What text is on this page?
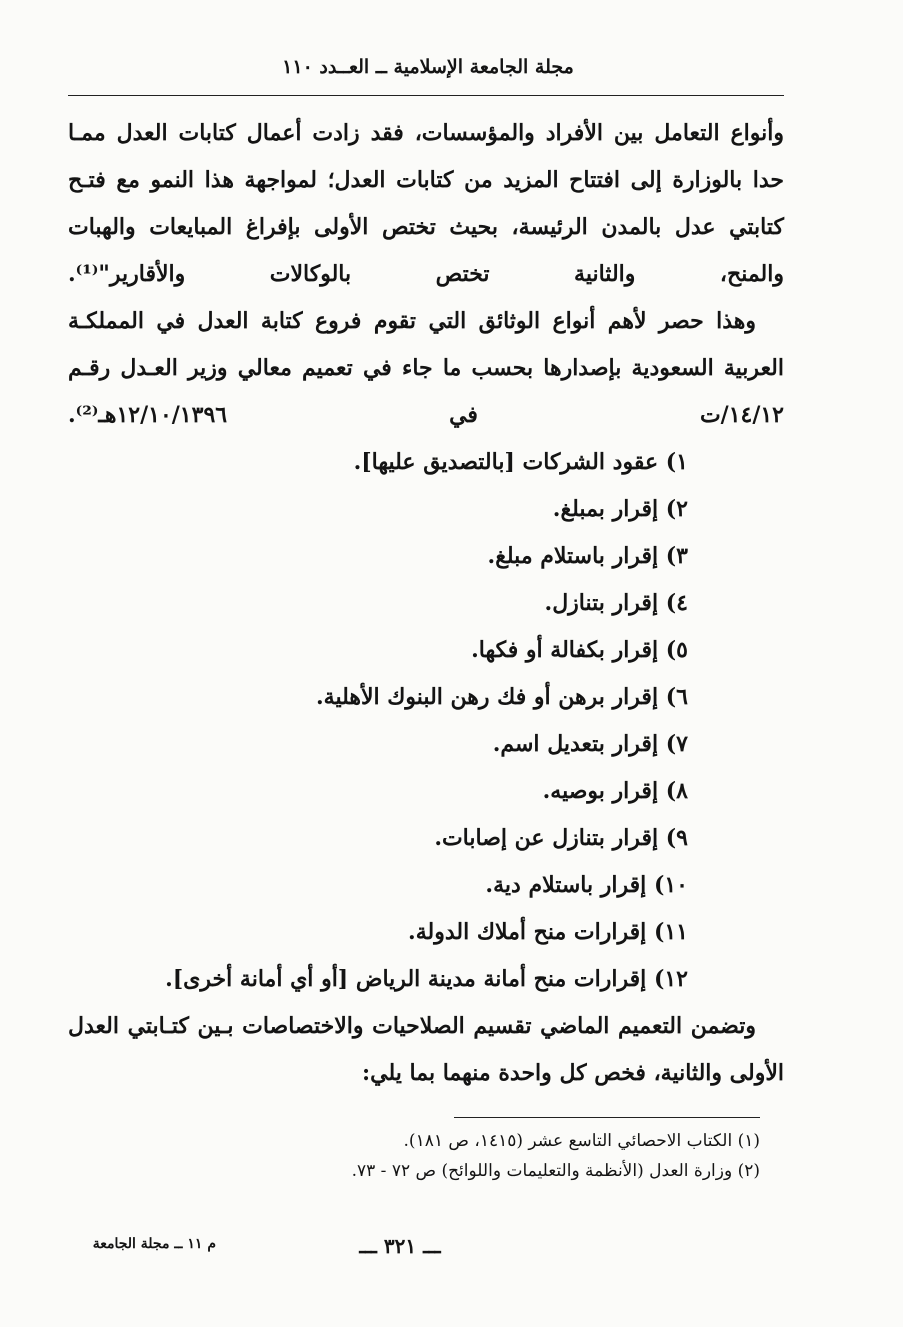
مجلة الجامعة الإسلامية ــ العــدد ١١٠

وأنواع التعامل بين الأفراد والمؤسسات، فقد زادت أعمال كتابات العدل ممـا حدا بالوزارة إلى افتتاح المزيد من كتابات العدل؛ لمواجهة هذا النمو مع فتـح كتابتي عدل بالمدن الرئيسة، بحيث تختص الأولى بإفراغ المبايعات والهبات والمنح، والثانية تختص بالوكالات والأقارير"⁽¹⁾.

وهذا حصر لأهم أنواع الوثائق التي تقوم فروع كتابة العدل في المملكـة العربية السعودية بإصدارها بحسب ما جاء في تعميم معالي وزير العـدل رقـم ١٤/١٢/ت في ١٢/١٠/١٣٩٦هـ⁽²⁾.

١) عقود الشركات [بالتصديق عليها].
٢) إقرار بمبلغ.
٣) إقرار باستلام مبلغ.
٤) إقرار بتنازل.
٥) إقرار بكفالة أو فكها.
٦) إقرار برهن أو فك رهن البنوك الأهلية.
٧) إقرار بتعديل اسم.
٨) إقرار بوصيه.
٩) إقرار بتنازل عن إصابات.
١٠) إقرار باستلام دية.
١١) إقرارات منح أملاك الدولة.
١٢) إقرارات منح أمانة مدينة الرياض [أو أي أمانة أخرى].

وتضمن التعميم الماضي تقسيم الصلاحيات والاختصاصات بـين كتـابتي العدل الأولى والثانية، فخص كل واحدة منهما بما يلي:

(١) الكتاب الاحصائي التاسع عشر (١٤١٥، ص ١٨١).

(٢) وزارة العدل (الأنظمة والتعليمات واللوائح) ص ٧٢ - ٧٣.

ـــ ٣٢١ ـــ
م ١١ ــ مجلة الجامعة
